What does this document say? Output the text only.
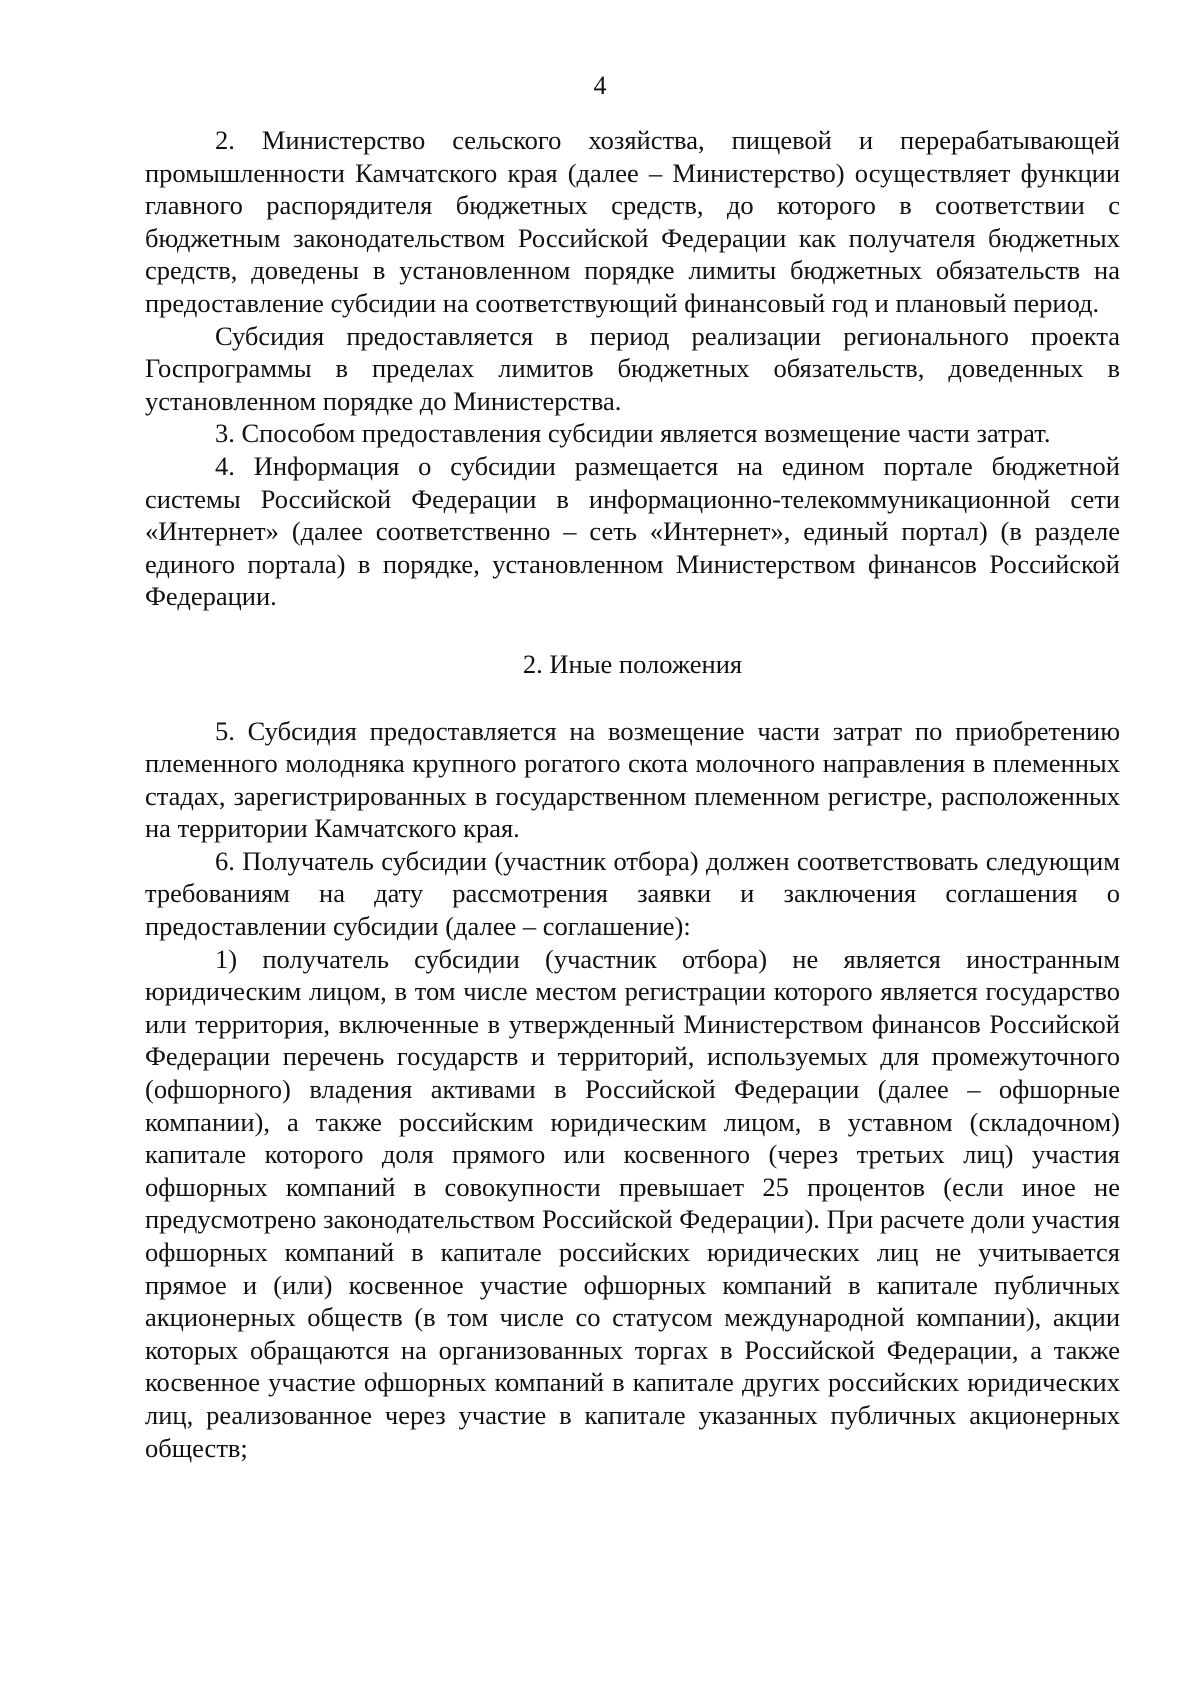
4

2. Министерство сельского хозяйства, пищевой и перерабатывающей промышленности Камчатского края (далее – Министерство) осуществляет функции главного распорядителя бюджетных средств, до которого в соответствии с бюджетным законодательством Российской Федерации как получателя бюджетных средств, доведены в установленном порядке лимиты бюджетных обязательств на предоставление субсидии на соответствующий финансовый год и плановый период.

Субсидия предоставляется в период реализации регионального проекта Госпрограммы в пределах лимитов бюджетных обязательств, доведенных в установленном порядке до Министерства.

3. Способом предоставления субсидии является возмещение части затрат.

4. Информация о субсидии размещается на едином портале бюджетной системы Российской Федерации в информационно-телекоммуникационной сети «Интернет» (далее соответственно – сеть «Интернет», единый портал) (в разделе единого портала) в порядке, установленном Министерством финансов Российской Федерации.

2. Иные положения

5. Субсидия предоставляется на возмещение части затрат по приобретению племенного молодняка крупного рогатого скота молочного направления в племенных стадах, зарегистрированных в государственном племенном регистре, расположенных на территории Камчатского края.

6. Получатель субсидии (участник отбора) должен соответствовать следующим требованиям на дату рассмотрения заявки и заключения соглашения о предоставлении субсидии (далее – соглашение):

1) получатель субсидии (участник отбора) не является иностранным юридическим лицом, в том числе местом регистрации которого является государство или территория, включенные в утвержденный Министерством финансов Российской Федерации перечень государств и территорий, используемых для промежуточного (офшорного) владения активами в Российской Федерации (далее – офшорные компании), а также российским юридическим лицом, в уставном (складочном) капитале которого доля прямого или косвенного (через третьих лиц) участия офшорных компаний в совокупности превышает 25 процентов (если иное не предусмотрено законодательством Российской Федерации). При расчете доли участия офшорных компаний в капитале российских юридических лиц не учитывается прямое и (или) косвенное участие офшорных компаний в капитале публичных акционерных обществ (в том числе со статусом международной компании), акции которых обращаются на организованных торгах в Российской Федерации, а также косвенное участие офшорных компаний в капитале других российских юридических лиц, реализованное через участие в капитале указанных публичных акционерных обществ;
